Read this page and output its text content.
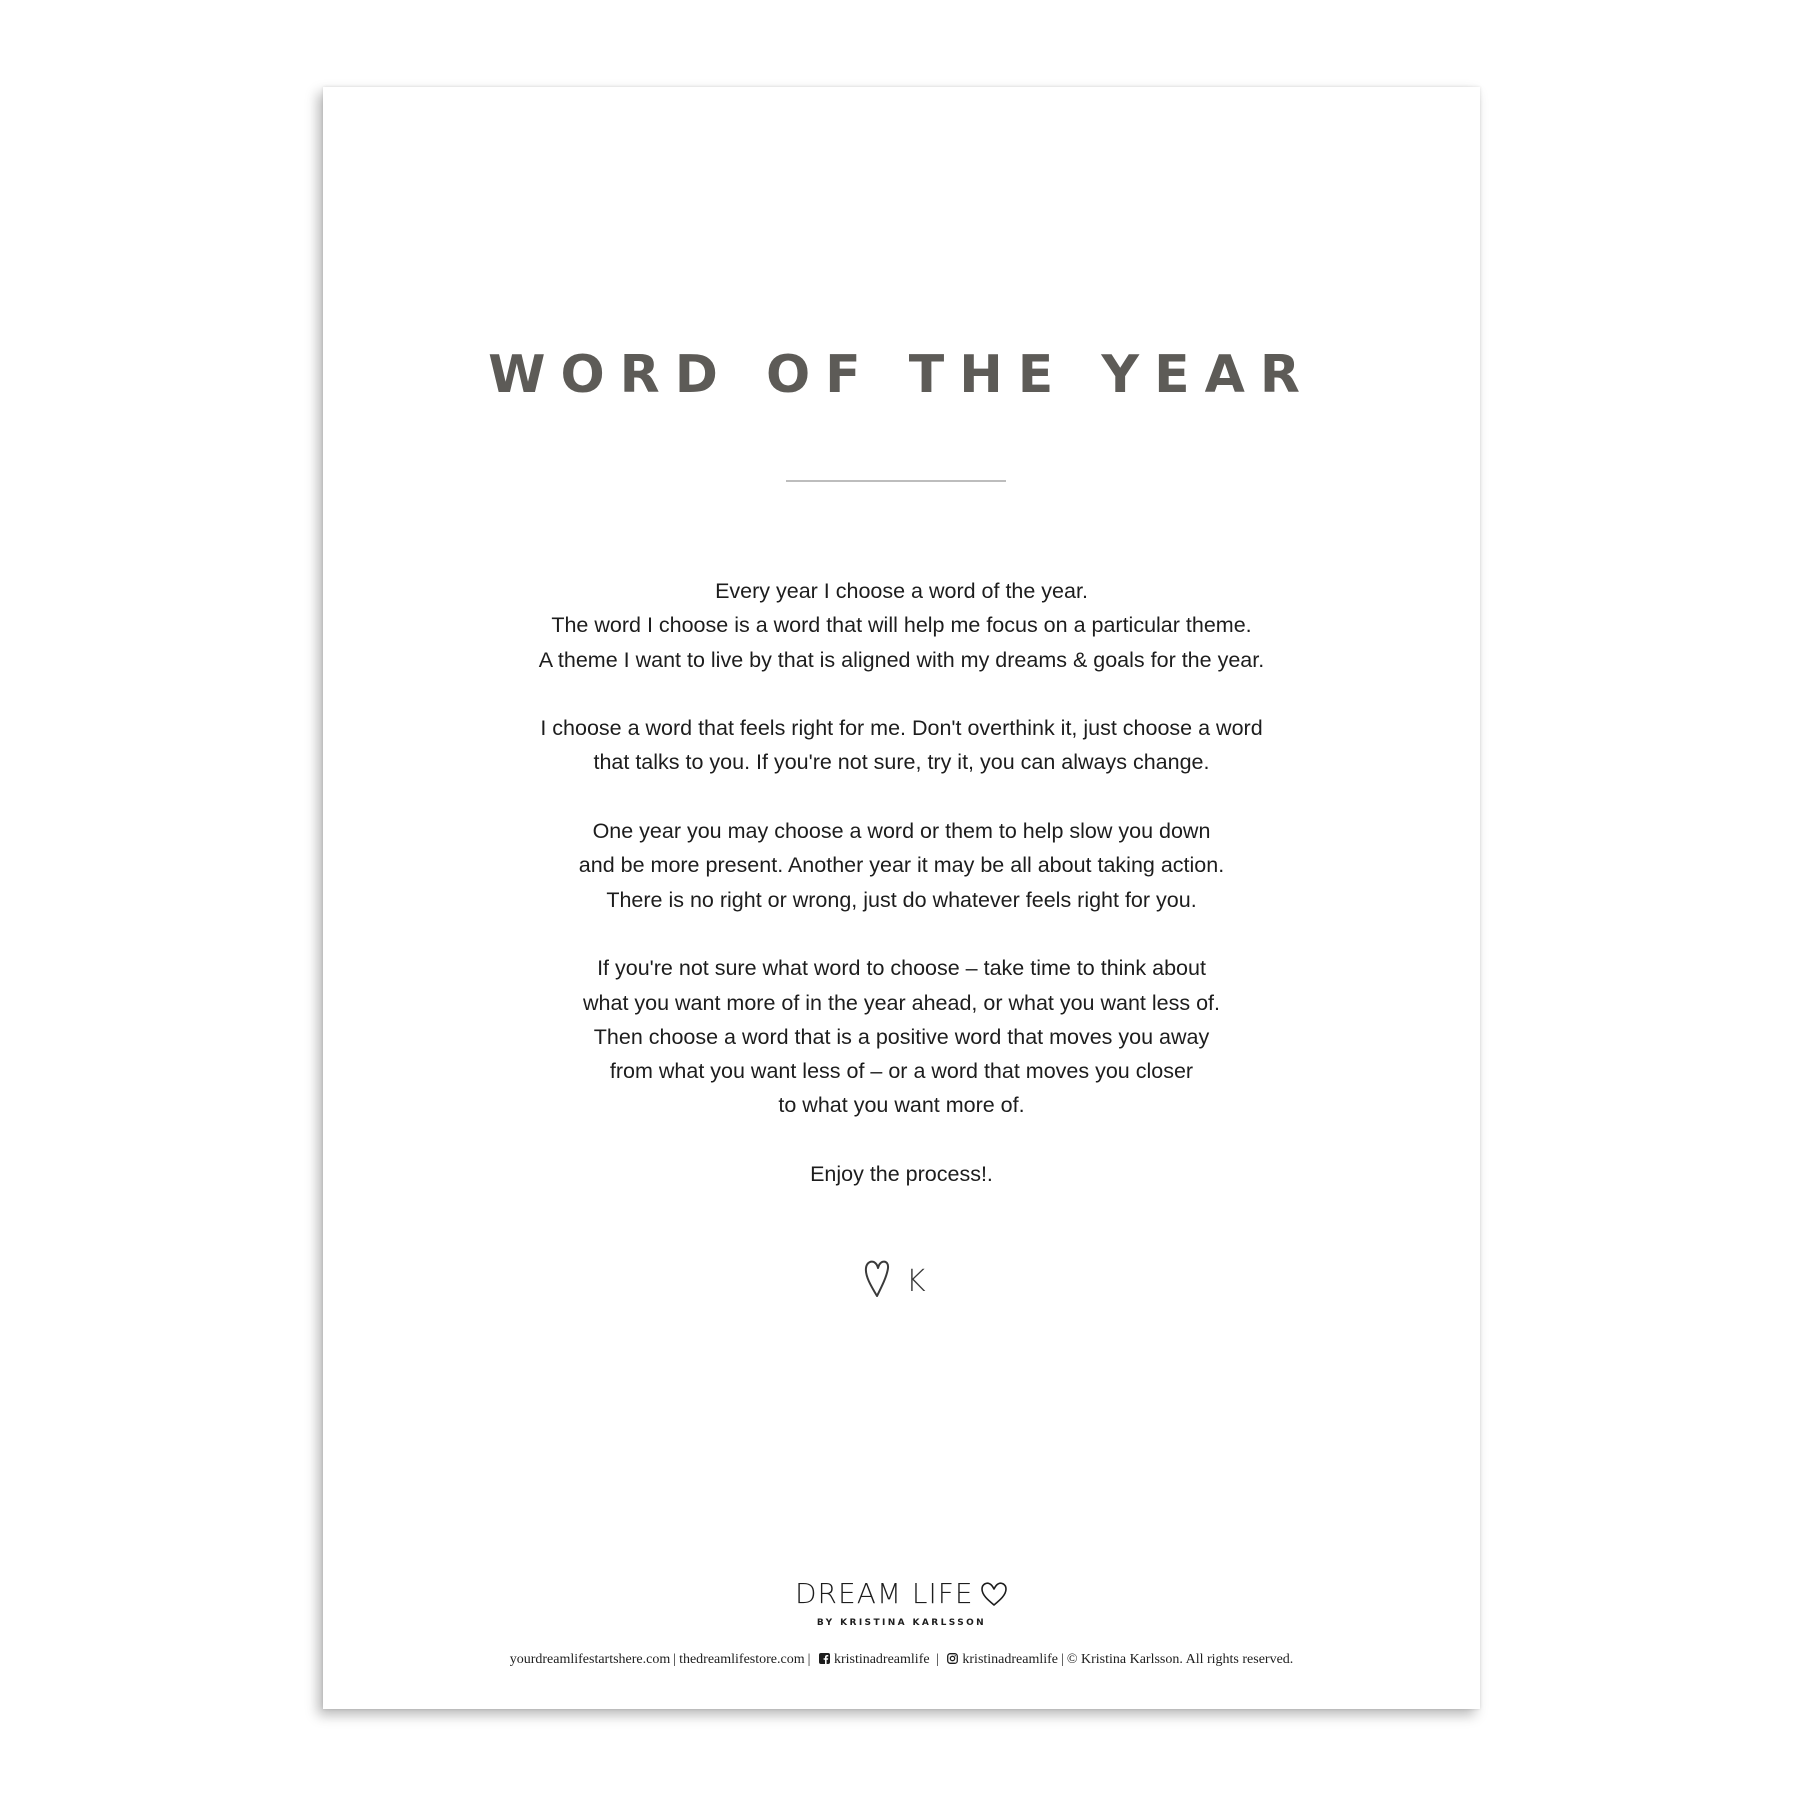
WORD OF THE YEAR

Every year I choose a word of the year.
The word I choose is a word that will help me focus on a particular theme.
A theme I want to live by that is aligned with my dreams & goals for the year.

I choose a word that feels right for me. Don't overthink it, just choose a word
that talks to you. If you're not sure, try it, you can always change.

One year you may choose a word or them to help slow you down
and be more present. Another year it may be all about taking action.
There is no right or wrong, just do whatever feels right for you.

If you're not sure what word to choose – take time to think about
what you want more of in the year ahead, or what you want less of.
Then choose a word that is a positive word that moves you away
from what you want less of – or a word that moves you closer
to what you want more of.

Enjoy the process!.

K
DREAM LIFE
BY KRISTINA KARLSSON
yourdreamlifestartshere.com | thedreamlifestore.com | kristinadreamlife | kristinadreamlife | © Kristina Karlsson. All rights reserved.
